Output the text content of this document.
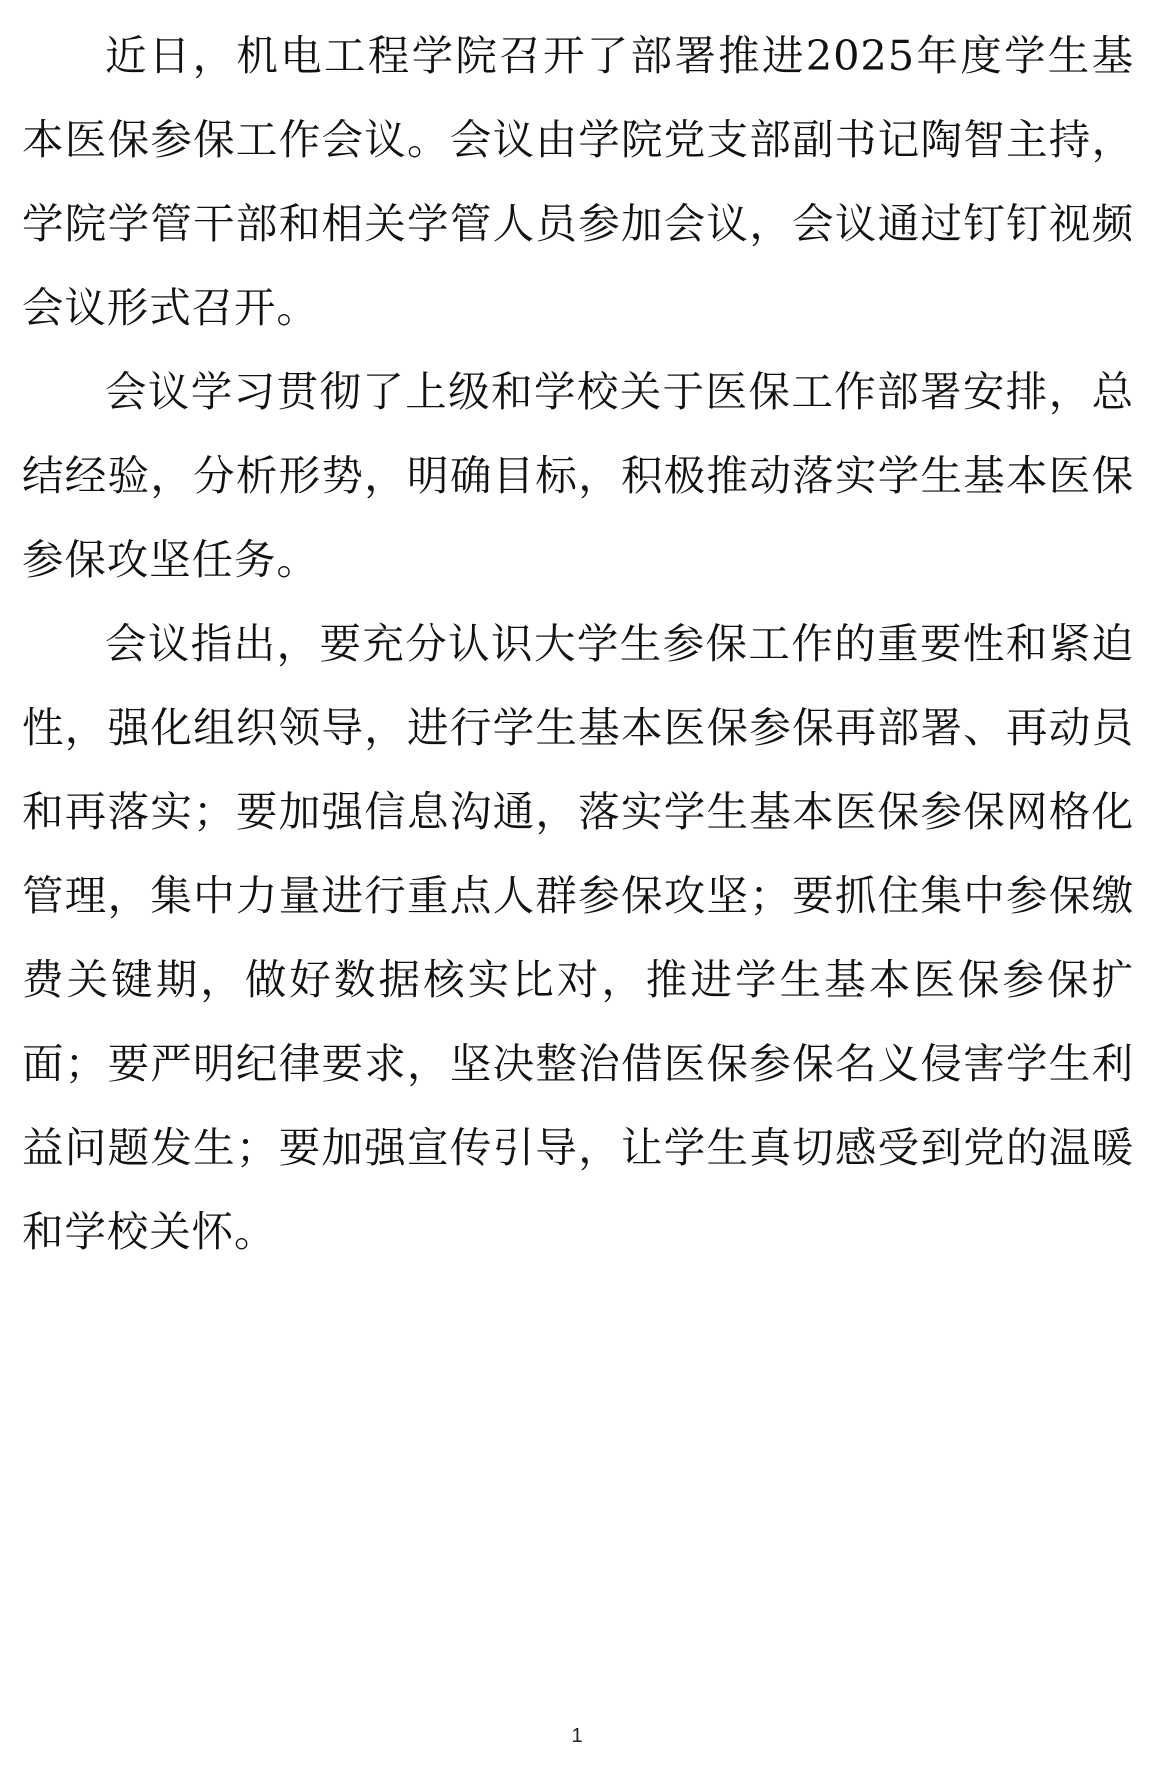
近日，机电工程学院召开了部署推进2025年度学生基本医保参保工作会议。会议由学院党支部副书记陶智主持，学院学管干部和相关学管人员参加会议，会议通过钉钉视频会议形式召开。

会议学习贯彻了上级和学校关于医保工作部署安排，总结经验，分析形势，明确目标，积极推动落实学生基本医保参保攻坚任务。

会议指出，要充分认识大学生参保工作的重要性和紧迫性，强化组织领导，进行学生基本医保参保再部署、再动员和再落实；要加强信息沟通，落实学生基本医保参保网格化管理，集中力量进行重点人群参保攻坚；要抓住集中参保缴费关键期，做好数据核实比对，推进学生基本医保参保扩面；要严明纪律要求，坚决整治借医保参保名义侵害学生利益问题发生；要加强宣传引导，让学生真切感受到党的温暖和学校关怀。

1
